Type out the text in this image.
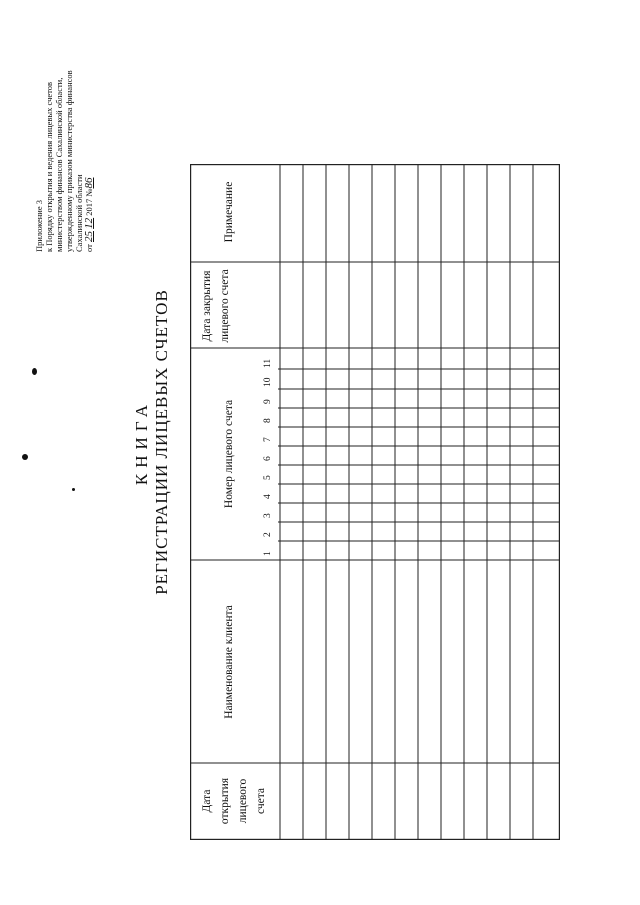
Приложение 3 к Порядку открытия и ведения лицевых счетов министерством финансов Сахалинской области, утвержденному приказом министерства финансов Сахалинской области от 25 12 2017 №86
КНИГА РЕГИСТРАЦИИ ЛИЦЕВЫХ СЧЕТОВ
Дата открытия лицевого счета
Наименование клиента
Номер лицевого счета
Дата закрытия лицевого счета
Примечание
1
2
3
4
5
6
7
8
9
10
11
